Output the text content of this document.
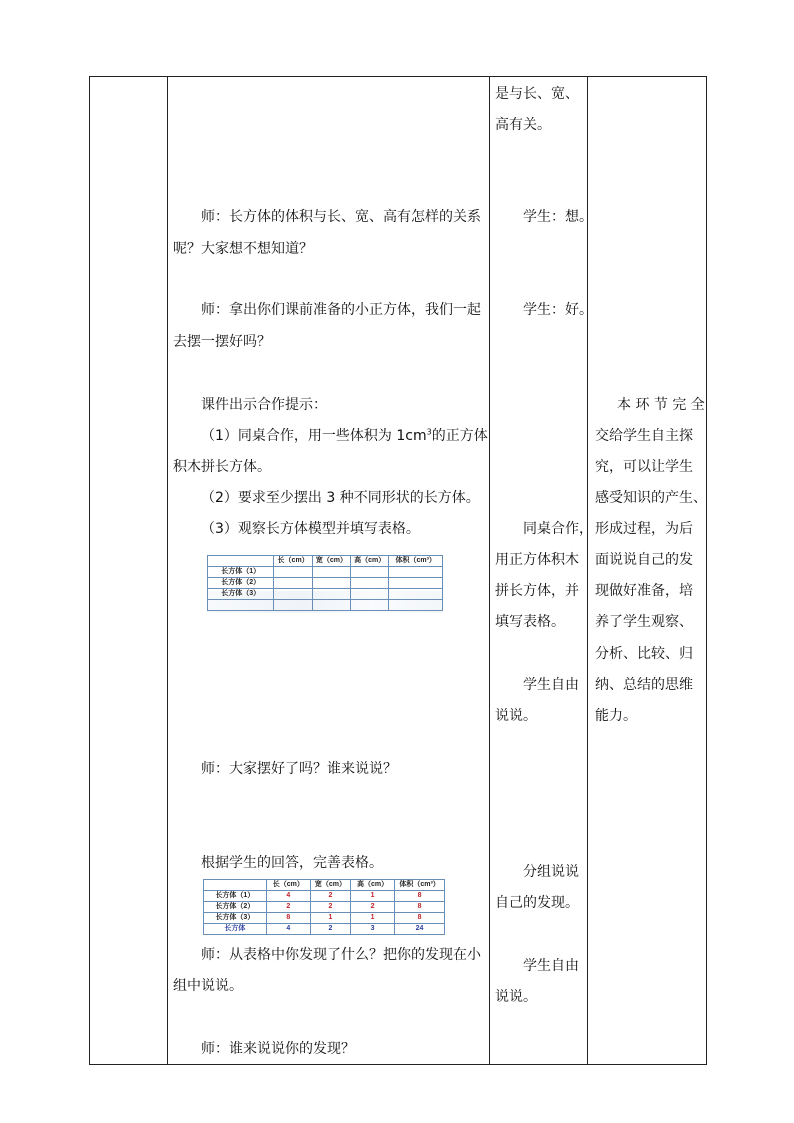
是与长、宽、
高有关。
师：长方体的体积与长、宽、高有怎样的关系
呢？大家想不想知道？
学生：想。
师：拿出你们课前准备的小正方体，我们一起
去摆一摆好吗？
学生：好。
课件出示合作提示：
（1）同桌合作，用一些体积为 $1cm^3$的正方体
积木拼长方体。
（2）要求至少摆出 3 种不同形状的长方体。
（3）观察长方体模型并填写表格。
	长（cm）	宽（cm）	高（cm）	体积（cm³）
长方体（1）				
长方体（2）				
长方体（3）				

同桌合作，
用正方体积木
拼长方体，并
填写表格。
学生自由
说说。
师：大家摆好了吗？谁来说说？
根据学生的回答，完善表格。
	长（cm）	宽（cm）	高（cm）	体积（cm³）
长方体（1）	4	2	1	8
长方体（2）	2	2	2	8
长方体（3）	8	1	1	8
长方体	4	2	3	24
师：从表格中你发现了什么？把你的发现在小
组中说说。
分组说说
自己的发现。
学生自由
说说。
师：谁来说说你的发现？
本 环 节 完 全
交给学生自主探
究，可以让学生
感受知识的产生、
形成过程，为后
面说说自己的发
现做好准备，培
养了学生观察、
分析、比较、归
纳、总结的思维
能力。
